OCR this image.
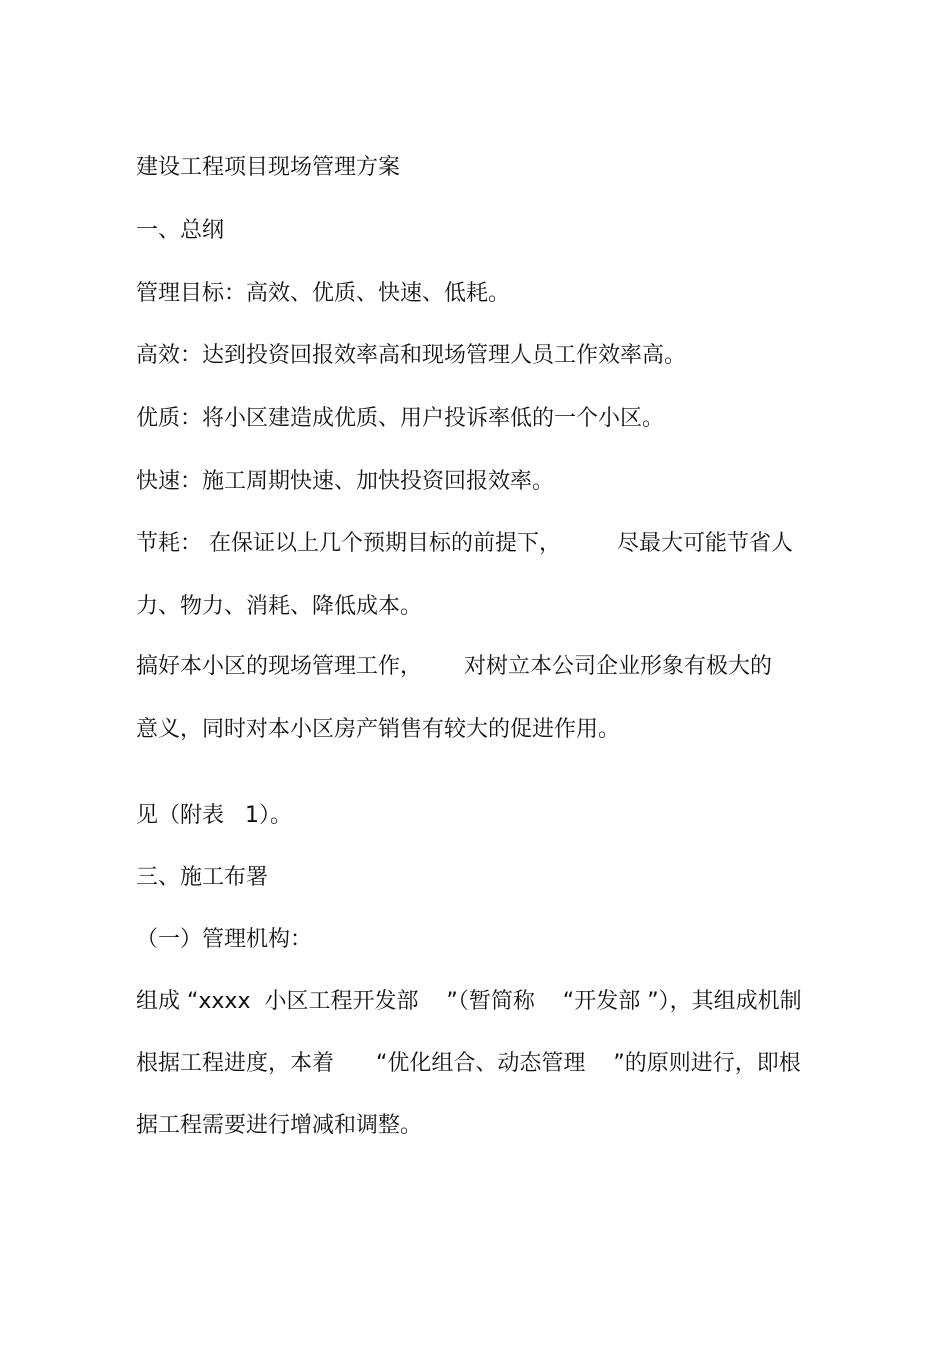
建设工程项目现场管理方案
一、总纲
管理目标：高效、优质、快速、低耗。
高效：达到投资回报效率高和现场管理人员工作效率高。
优质：将小区建造成优质、用户投诉率低的一个小区。
快速：施工周期快速、加快投资回报效率。
节耗： 在保证以上几个预期目标的前提下，        尽最大可能节省人
力、物力、消耗、降低成本。
搞好本小区的现场管理工作，      对树立本公司企业形象有极大的
意义，同时对本小区房产销售有较大的促进作用。
见（附表   1）。
三、施工布署
（一）管理机构：
组成 “xxxx  小区工程开发部    ”（暂简称    “开发部 ”），其组成机制
根据工程进度，本着      “优化组合、动态管理    ”的原则进行，即根
据工程需要进行增减和调整。
